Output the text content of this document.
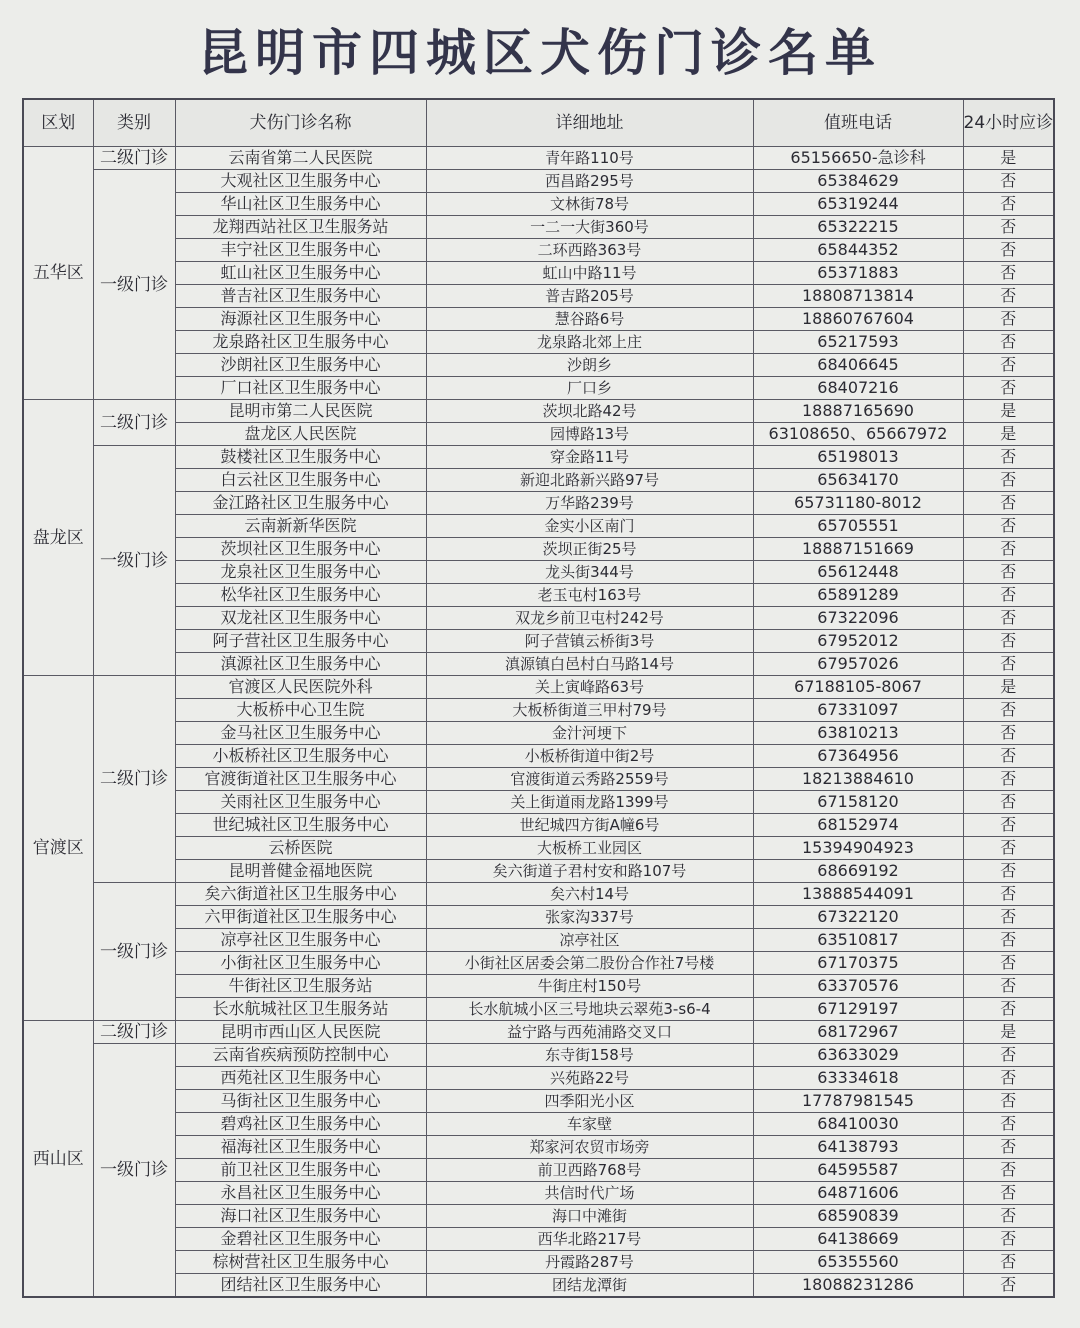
昆明市四城区犬伤门诊名单
区划	类别	犬伤门诊名称	详细地址	值班电话	24小时应诊
五华区	二级门诊	云南省第二人民医院	青年路110号	65156650-急诊科	是
	一级门诊	大观社区卫生服务中心	西昌路295号	65384629	否
		华山社区卫生服务中心	文林街78号	65319244	否
		龙翔西站社区卫生服务站	一二一大街360号	65322215	否
		丰宁社区卫生服务中心	二环西路363号	65844352	否
		虹山社区卫生服务中心	虹山中路11号	65371883	否
		普吉社区卫生服务中心	普吉路205号	18808713814	否
		海源社区卫生服务中心	慧谷路6号	18860767604	否
		龙泉路社区卫生服务中心	龙泉路北郊上庄	65217593	否
		沙朗社区卫生服务中心	沙朗乡	68406645	否
		厂口社区卫生服务中心	厂口乡	68407216	否
盘龙区	二级门诊	昆明市第二人民医院	茨坝北路42号	18887165690	是
		盘龙区人民医院	园博路13号	63108650、65667972	是
	一级门诊	鼓楼社区卫生服务中心	穿金路11号	65198013	否
		白云社区卫生服务中心	新迎北路新兴路97号	65634170	否
		金江路社区卫生服务中心	万华路239号	65731180-8012	否
		云南新新华医院	金实小区南门	65705551	否
		茨坝社区卫生服务中心	茨坝正街25号	18887151669	否
		龙泉社区卫生服务中心	龙头街344号	65612448	否
		松华社区卫生服务中心	老玉屯村163号	65891289	否
		双龙社区卫生服务中心	双龙乡前卫屯村242号	67322096	否
		阿子营社区卫生服务中心	阿子营镇云桥街3号	67952012	否
		滇源社区卫生服务中心	滇源镇白邑村白马路14号	67957026	否
官渡区	二级门诊	官渡区人民医院外科	关上寅峰路63号	67188105-8067	是
		大板桥中心卫生院	大板桥街道三甲村79号	67331097	否
		金马社区卫生服务中心	金汁河埂下	63810213	否
		小板桥社区卫生服务中心	小板桥街道中街2号	67364956	否
		官渡街道社区卫生服务中心	官渡街道云秀路2559号	18213884610	否
		关雨社区卫生服务中心	关上街道雨龙路1399号	67158120	否
		世纪城社区卫生服务中心	世纪城四方街A幢6号	68152974	否
		云桥医院	大板桥工业园区	15394904923	否
		昆明普健金福地医院	矣六街道子君村安和路107号	68669192	否
	一级门诊	矣六街道社区卫生服务中心	矣六村14号	13888544091	否
		六甲街道社区卫生服务中心	张家沟337号	67322120	否
		凉亭社区卫生服务中心	凉亭社区	63510817	否
		小街社区卫生服务中心	小街社区居委会第二股份合作社7号楼	67170375	否
		牛街社区卫生服务站	牛街庄村150号	63370576	否
		长水航城社区卫生服务站	长水航城小区三号地块云翠苑3-s6-4	67129197	否
西山区	二级门诊	昆明市西山区人民医院	益宁路与西苑浦路交叉口	68172967	是
	一级门诊	云南省疾病预防控制中心	东寺街158号	63633029	否
		西苑社区卫生服务中心	兴苑路22号	63334618	否
		马街社区卫生服务中心	四季阳光小区	17787981545	否
		碧鸡社区卫生服务中心	车家壁	68410030	否
		福海社区卫生服务中心	郑家河农贸市场旁	64138793	否
		前卫社区卫生服务中心	前卫西路768号	64595587	否
		永昌社区卫生服务中心	共信时代广场	64871606	否
		海口社区卫生服务中心	海口中滩街	68590839	否
		金碧社区卫生服务中心	西华北路217号	64138669	否
		棕树营社区卫生服务中心	丹霞路287号	65355560	否
		团结社区卫生服务中心	团结龙潭街	18088231286	否
